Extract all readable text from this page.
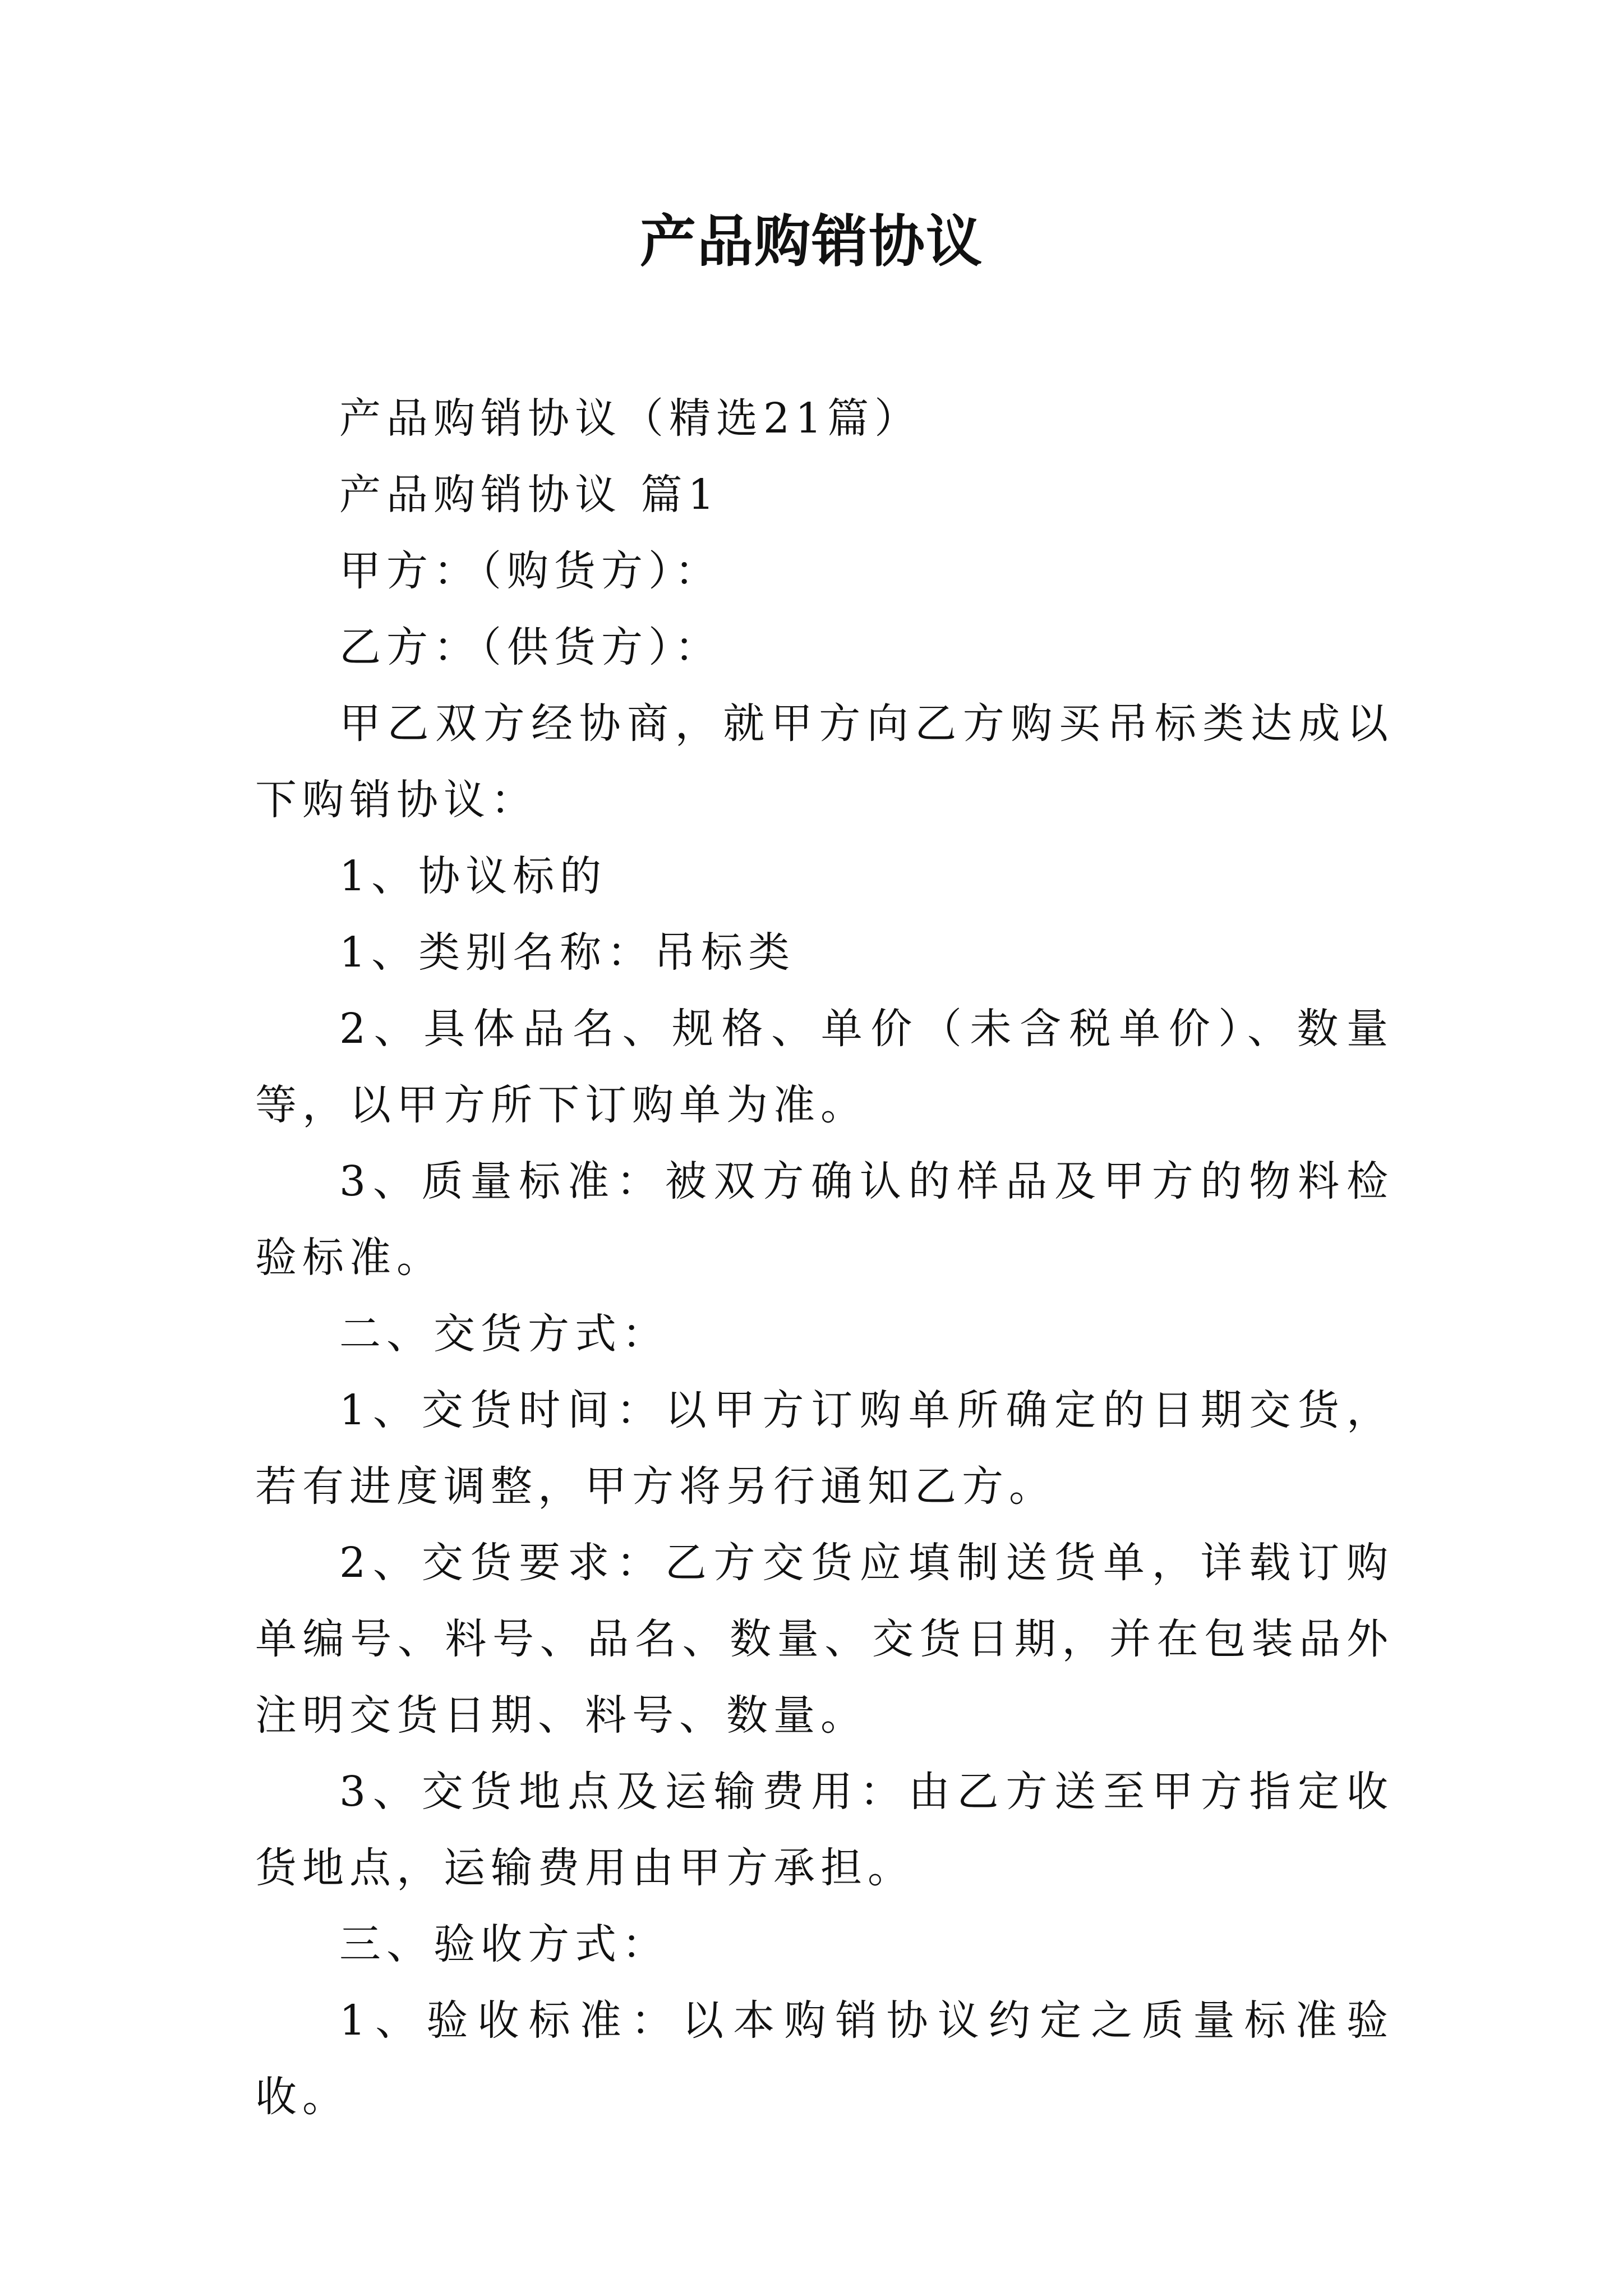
产品购销协议

产品购销协议（精选21篇）

产品购销协议 篇1

甲方：（购货方）：

乙方：（供货方）：

甲乙双方经协商，就甲方向乙方购买吊标类达成以下购销协议：

1、协议标的

1、类别名称：吊标类

2、具体品名、规格、单价（未含税单价）、数量等，以甲方所下订购单为准。

3、质量标准：被双方确认的样品及甲方的物料检验标准。

二、交货方式：

1、交货时间：以甲方订购单所确定的日期交货，若有进度调整，甲方将另行通知乙方。

2、交货要求：乙方交货应填制送货单，详载订购单编号、料号、品名、数量、交货日期，并在包装品外注明交货日期、料号、数量。

3、交货地点及运输费用：由乙方送至甲方指定收货地点，运输费用由甲方承担。

三、验收方式：

1、验收标准：以本购销协议约定之质量标准验收。
